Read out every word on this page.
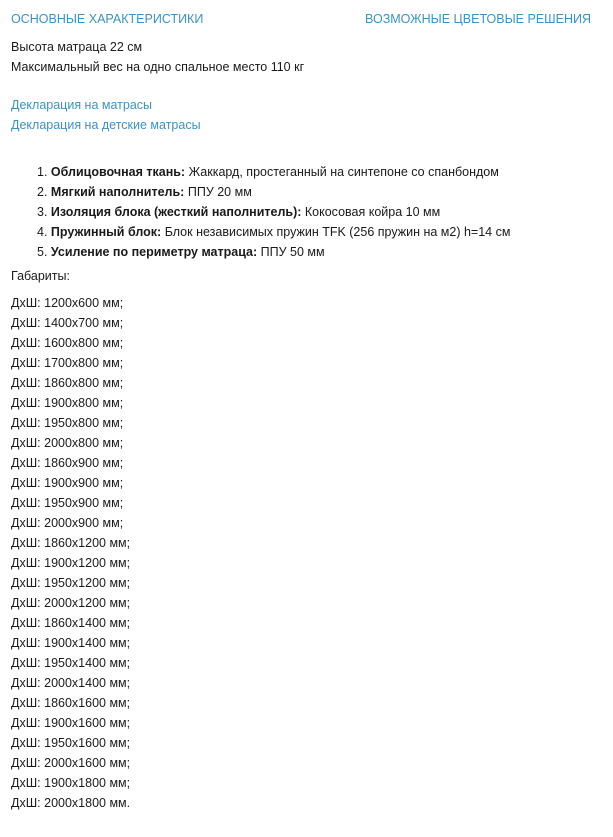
ОСНОВНЫЕ ХАРАКТЕРИСТИКИ	ВОЗМОЖНЫЕ ЦВЕТОВЫЕ РЕШЕНИЯ
Высота матраца 22 см
Максимальный вес на одно спальное место 110 кг
Декларация на матрасы
Декларация на детские матрасы
1. Облицовочная ткань: Жаккард, простеганный на синтепоне со спанбондом
2. Мягкий наполнитель: ППУ 20 мм
3. Изоляция блока (жесткий наполнитель): Кокосовая койра 10 мм
4. Пружинный блок: Блок независимых пружин TFK (256 пружин на м2) h=14 см
5. Усиление по периметру матраца: ППУ 50 мм
Габариты:
ДхШ: 1200х600 мм;
ДхШ: 1400х700 мм;
ДхШ: 1600х800 мм;
ДхШ: 1700х800 мм;
ДхШ: 1860х800 мм;
ДхШ: 1900х800 мм;
ДхШ: 1950х800 мм;
ДхШ: 2000х800 мм;
ДхШ: 1860х900 мм;
ДхШ: 1900х900 мм;
ДхШ: 1950х900 мм;
ДхШ: 2000х900 мм;
ДхШ: 1860х1200 мм;
ДхШ: 1900х1200 мм;
ДхШ: 1950х1200 мм;
ДхШ: 2000х1200 мм;
ДхШ: 1860х1400 мм;
ДхШ: 1900х1400 мм;
ДхШ: 1950х1400 мм;
ДхШ: 2000х1400 мм;
ДхШ: 1860х1600 мм;
ДхШ: 1900х1600 мм;
ДхШ: 1950х1600 мм;
ДхШ: 2000х1600 мм;
ДхШ: 1900х1800 мм;
ДхШ: 2000х1800 мм.
